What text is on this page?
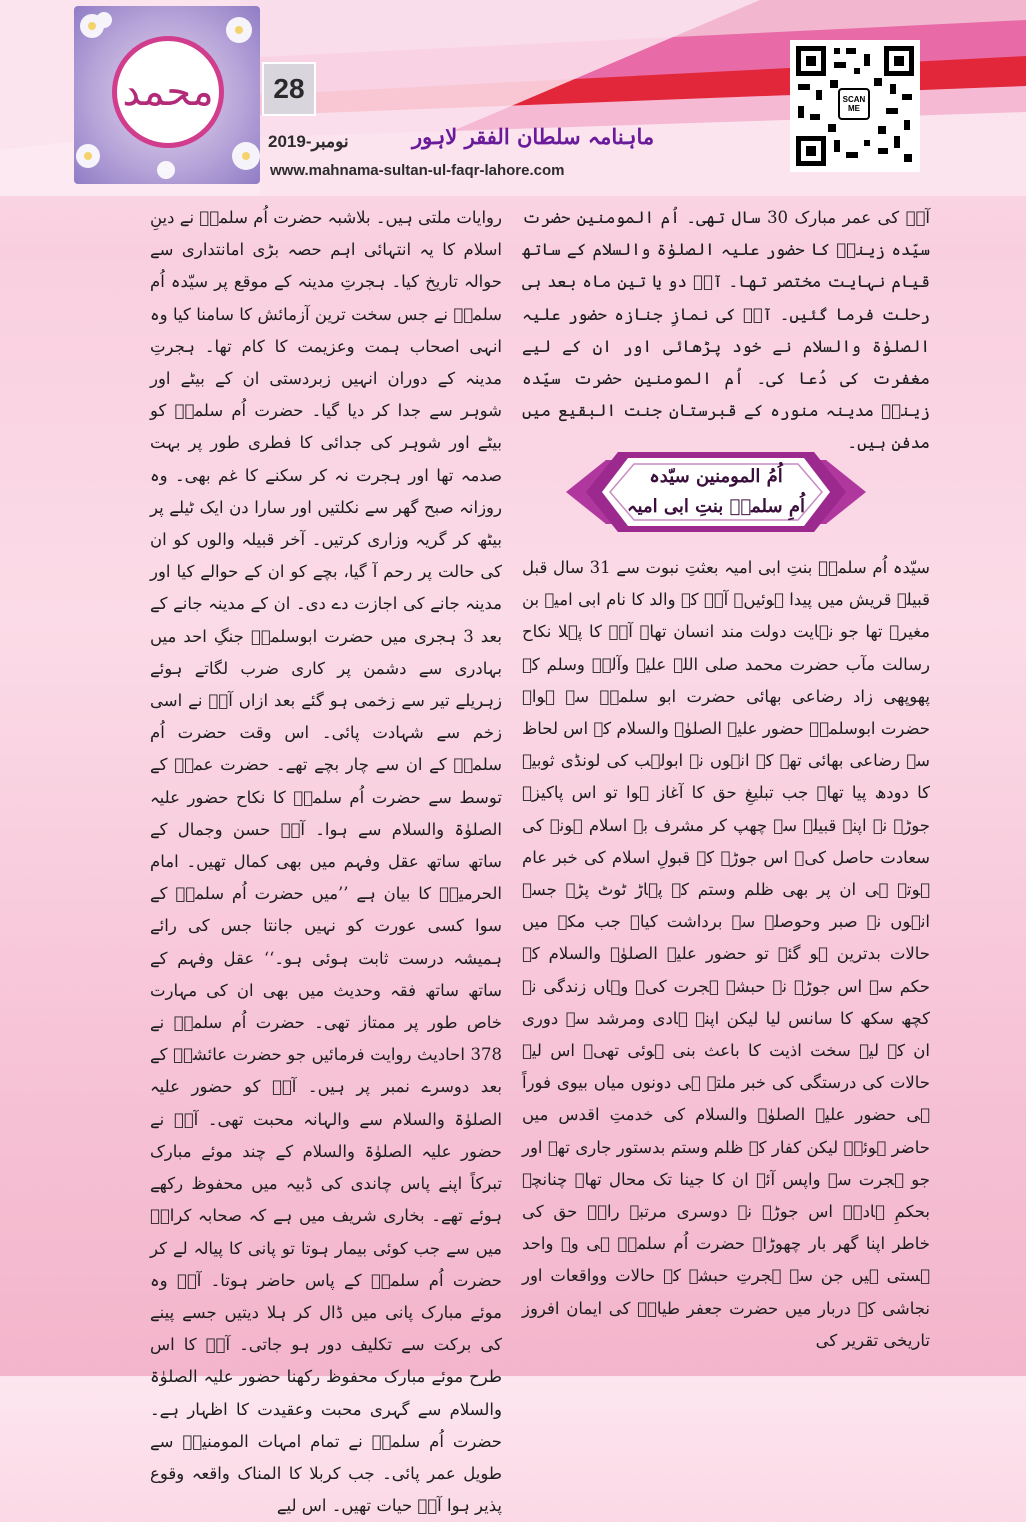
محمد	28
نومبر-2019	ماہنامہ سلطان الفقر لاہور
www.mahnama-sultan-ul-faqr-lahore.com
SCAN ME
اُمُ المومنین سیّدہ
اُمِ سلمہؓ بنتِ ابی امیہ

آپؓ کی عمر مبارک 30 سال تھی۔ اُم المومنین حضرت سیّدہ زینبؓ کا حضور علیہ الصلوٰۃ والسلام کے ساتھ قیام نہایت مختصر تھا۔ آپؓ دو یا تین ماہ بعد ہی رحلت فرما گئیں۔ آپؓ کی نمازِ جنازہ حضور علیہ الصلوٰۃ والسلام نے خود پڑھائی اور ان کے لیے مغفرت کی دُعا کی۔ اُم المومنین حضرت سیّدہ زینبؓ مدینہ منورہ کے قبرستان جنت البقیع میں مدفن ہیں۔

سیّدہ اُم سلمہؓ بنتِ ابی امیہ بعثتِ نبوت سے 31 سال قبل قبیلہ قریش میں پیدا ہوئیں۔ آپؓ کے والد کا نام ابی امیہ بن مغیرہ تھا جو نہایت دولت مند انسان تھا۔ آپؓ کا پہلا نکاح رسالت مآب حضرت محمد صلی اللہ علیہ وآلہٖ وسلم کے پھوپھی زاد رضاعی بھائی حضرت ابو سلمہؓ سے ہوا۔ حضرت ابوسلمہؓ حضور علیہ الصلوٰۃ والسلام کے اس لحاظ سے رضاعی بھائی تھے کہ انہوں نے ابولہب کی لونڈی ثوبیہ کا دودھ پیا تھا۔ جب تبلیغِ حق کا آغاز ہوا تو اس پاکیزہ جوڑے نے اپنے قبیلے سے چھپ کر مشرف بہ اسلام ہونے کی سعادت حاصل کی۔ اس جوڑے کے قبولِ اسلام کی خبر عام ہوتے ہی ان پر بھی ظلم وستم کے پہاڑ ٹوٹ پڑے جسے انہوں نے صبر وحوصلہ سے برداشت کیا۔ جب مکہ میں حالات بدترین ہو گئے تو حضور علیہ الصلوٰۃ والسلام کے حکم سے اس جوڑے نے حبشہ ہجرت کی۔ وہاں زندگی نے کچھ سکھ کا سانس لیا لیکن اپنے ہادی ومرشد سے دوری ان کے لیے سخت اذیت کا باعث بنی ہوئی تھی۔ اس لیے حالات کی درستگی کی خبر ملتے ہی دونوں میاں بیوی فوراً ہی حضور علیہ الصلوٰۃ والسلام کی خدمتِ اقدس میں حاضر ہوئے۔ لیکن کفار کے ظلم وستم بدستور جاری تھے اور جو ہجرت سے واپس آئے ان کا جینا تک محال تھا۔ چنانچہ بحکمِ ہادیؐ اس جوڑے نے دوسری مرتبہ راہِ حق کی خاطر اپنا گھر بار چھوڑا۔ حضرت اُم سلمہؓ ہی وہ واحد ہستی ہیں جن سے ہجرتِ حبشہ کے حالات وواقعات اور نجاشی کے دربار میں حضرت جعفر طیارؓ کی ایمان افروز تاریخی تقریر کی

روایات ملتی ہیں۔ بلاشبہ حضرت اُم سلمہؓ نے دینِ اسلام کا یہ انتہائی اہم حصہ بڑی امانتداری سے حوالہ تاریخ کیا۔ ہجرتِ مدینہ کے موقع پر سیّدہ اُم سلمہؓ نے جس سخت ترین آزمائش کا سامنا کیا وہ انہی اصحاب ہمت وعزیمت کا کام تھا۔ ہجرتِ مدینہ کے دوران انہیں زبردستی ان کے بیٹے اور شوہر سے جدا کر دیا گیا۔ حضرت اُم سلمہؓ کو بیٹے اور شوہر کی جدائی کا فطری طور پر بہت صدمہ تھا اور ہجرت نہ کر سکنے کا غم بھی۔ وہ روزانہ صبح گھر سے نکلتیں اور سارا دن ایک ٹیلے پر بیٹھ کر گریہ وزاری کرتیں۔ آخر قبیلہ والوں کو ان کی حالت پر رحم آ گیا، بچے کو ان کے حوالے کیا اور مدینہ جانے کی اجازت دے دی۔ ان کے مدینہ جانے کے بعد 3 ہجری میں حضرت ابوسلمہؓ جنگِ احد میں بہادری سے دشمن پر کاری ضرب لگاتے ہوئے زہریلے تیر سے زخمی ہو گئے بعد ازاں آپؓ نے اسی زخم سے شہادت پائی۔ اس وقت حضرت اُم سلمہؓ کے ان سے چار بچے تھے۔ حضرت عمرؓ کے توسط سے حضرت اُم سلمہؓ کا نکاح حضور علیہ الصلوٰۃ والسلام سے ہوا۔ آپؓ حسن وجمال کے ساتھ ساتھ عقل وفہم میں بھی کمال تھیں۔ امام الحرمینؒ کا بیان ہے ’’میں حضرت اُم سلمہؓ کے سوا کسی عورت کو نہیں جانتا جس کی رائے ہمیشہ درست ثابت ہوئی ہو۔‘‘ عقل وفہم کے ساتھ ساتھ فقہ وحدیث میں بھی ان کی مہارت خاص طور پر ممتاز تھی۔ حضرت اُم سلمہؓ نے 378 احادیث روایت فرمائیں جو حضرت عائشہؓ کے بعد دوسرے نمبر پر ہیں۔ آپؓ کو حضور علیہ الصلوٰۃ والسلام سے والہانہ محبت تھی۔ آپؓ نے حضور علیہ الصلوٰۃ والسلام کے چند موئے مبارک تبرکاً اپنے پاس چاندی کی ڈبیہ میں محفوظ رکھے ہوئے تھے۔ بخاری شریف میں ہے کہ صحابہ کرامؓ میں سے جب کوئی بیمار ہوتا تو پانی کا پیالہ لے کر حضرت اُم سلمہؓ کے پاس حاضر ہوتا۔ آپؓ وہ موئے مبارک پانی میں ڈال کر ہلا دیتیں جسے پینے کی برکت سے تکلیف دور ہو جاتی۔ آپؓ کا اس طرح موئے مبارک محفوظ رکھنا حضور علیہ الصلوٰۃ والسلام سے گہری محبت وعقیدت کا اظہار ہے۔ حضرت اُم سلمہؓ نے تمام امہات المومنینؓ سے طویل عمر پائی۔ جب کربلا کا المناک واقعہ وقوع پذیر ہوا آپؓ حیات تھیں۔ اس لیے
